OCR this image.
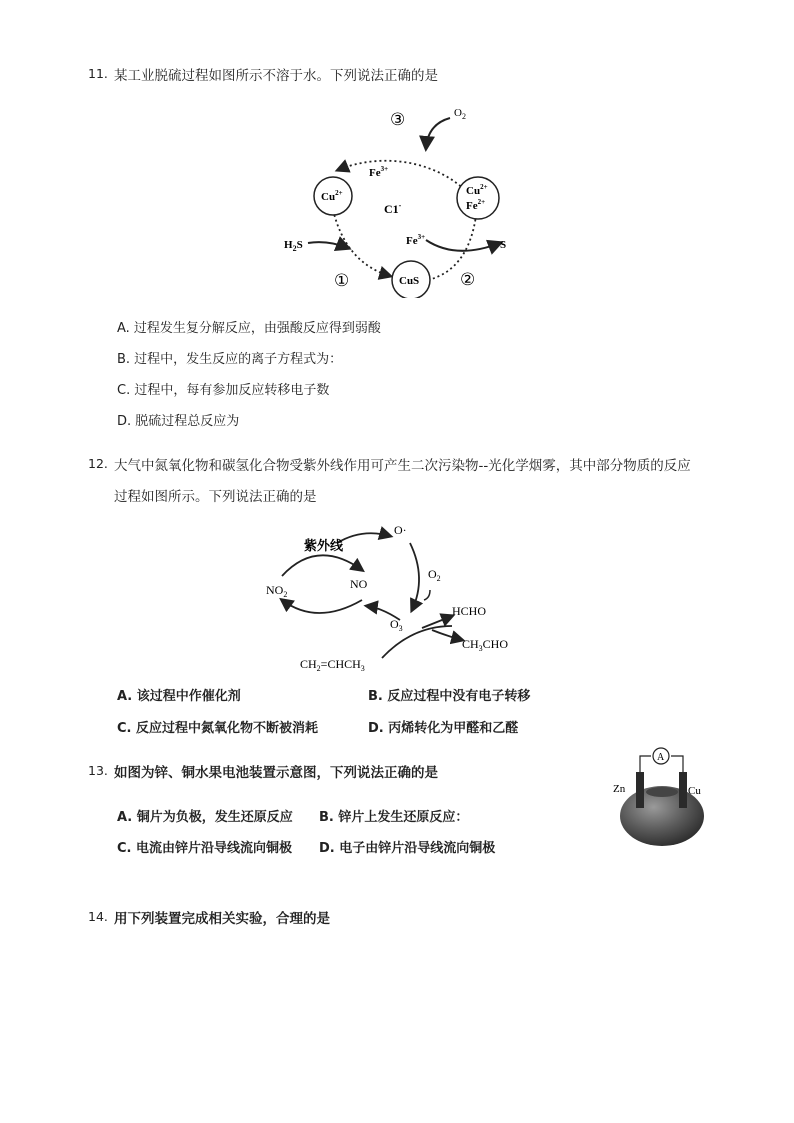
11. 某工业脱硫过程如图所示不溶于水。下列说法正确的是
③	$O_2$
$Fe^{3+}$
$Cu^{2+}$
C1-
$Cu^{2+}$
$Fe^{2+}$
$H_2S$	$Fe^{3+}$
S
①	CuS ②
A. 过程发生复分解反应，由强酸反应得到弱酸
B. 过程中，发生反应的离子方程式为：
C. 过程中，每有参加反应转移电子数
D. 脱硫过程总反应为
12. 大气中氮氧化物和碳氢化合物受紫外线作用可产生二次污染物--光化学烟雾，其中部分物质的反应
过程如图所示。下列说法正确的是
紫外线
$NO_2$
NO
O·
$O_2$
$O_3$
HCHO
$CH_3CHO$
$CH_2=CHCH_3$
A. 该过程中作催化剂	B. 反应过程中没有电子转移
C. 反应过程中氮氧化物不断被消耗	D. 丙烯转化为甲醛和乙醛
13. 如图为锌、铜水果电池装置示意图，下列说法正确的是
A. 铜片为负极，发生还原反应 B. 锌片上发生还原反应：
C. 电流由锌片沿导线流向铜极 D. 电子由锌片沿导线流向铜极
A
Zn	Cu
14. 用下列装置完成相关实验，合理的是
